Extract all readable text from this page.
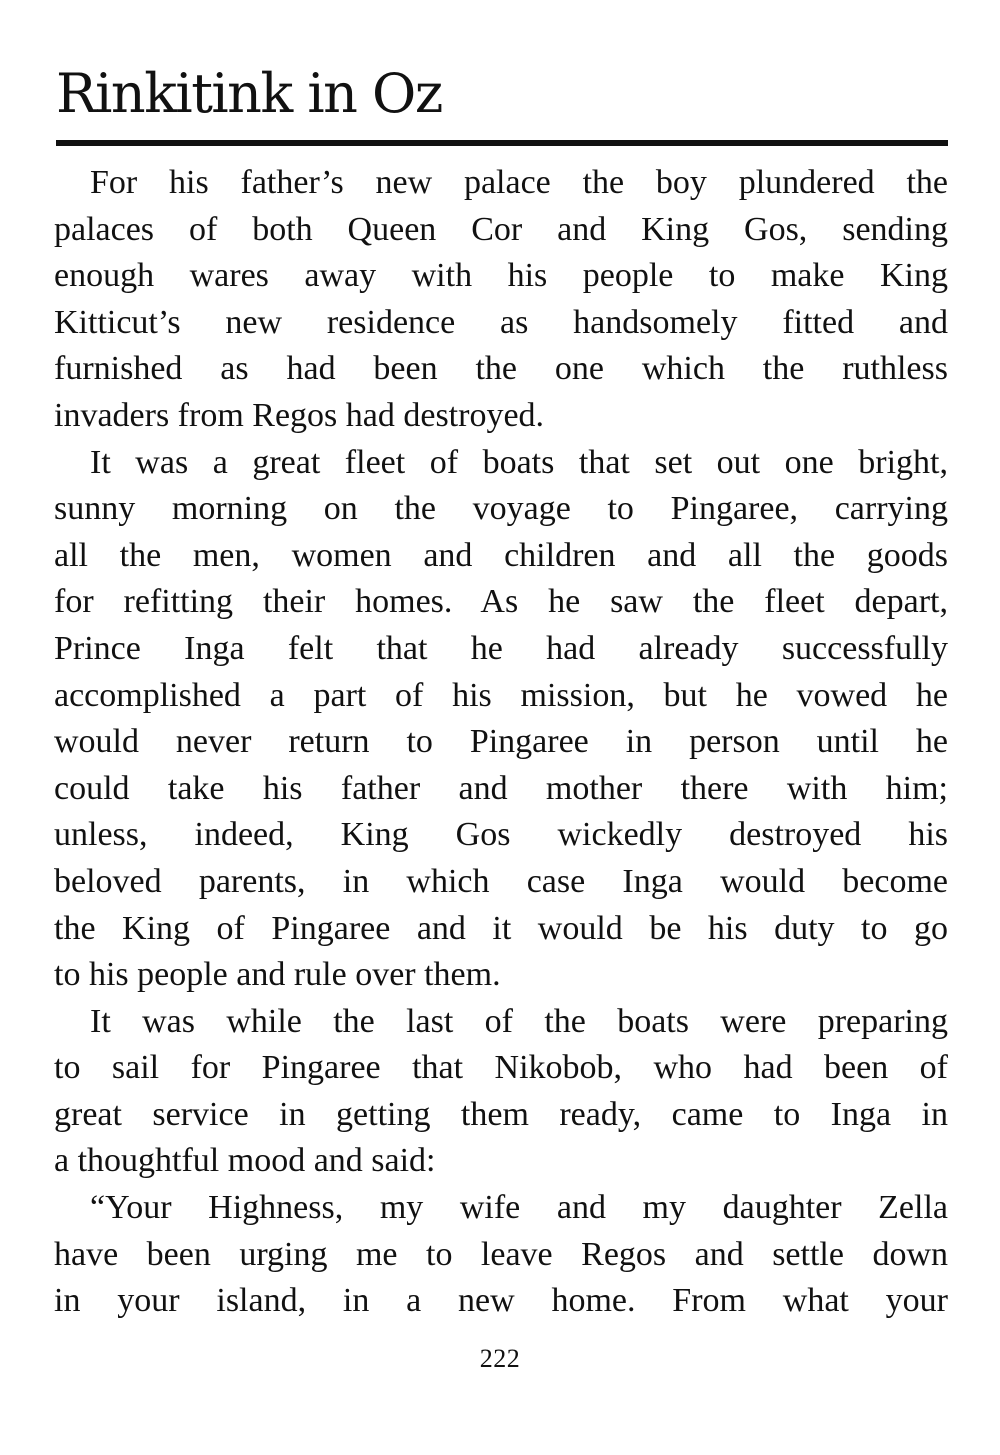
Rinkitink in Oz

For his father’s new palace the boy plundered the
palaces of both Queen Cor and King Gos, sending
enough wares away with his people to make King
Kitticut’s new residence as handsomely fitted and
furnished as had been the one which the ruthless
invaders from Regos had destroyed.

It was a great fleet of boats that set out one bright,
sunny morning on the voyage to Pingaree, carrying
all the men, women and children and all the goods
for refitting their homes. As he saw the fleet depart,
Prince Inga felt that he had already successfully
accomplished a part of his mission, but he vowed he
would never return to Pingaree in person until he
could take his father and mother there with him;
unless, indeed, King Gos wickedly destroyed his
beloved parents, in which case Inga would become
the King of Pingaree and it would be his duty to go
to his people and rule over them.

It was while the last of the boats were preparing
to sail for Pingaree that Nikobob, who had been of
great service in getting them ready, came to Inga in
a thoughtful mood and said:

“Your Highness, my wife and my daughter Zella
have been urging me to leave Regos and settle down
in your island, in a new home. From what your

222
